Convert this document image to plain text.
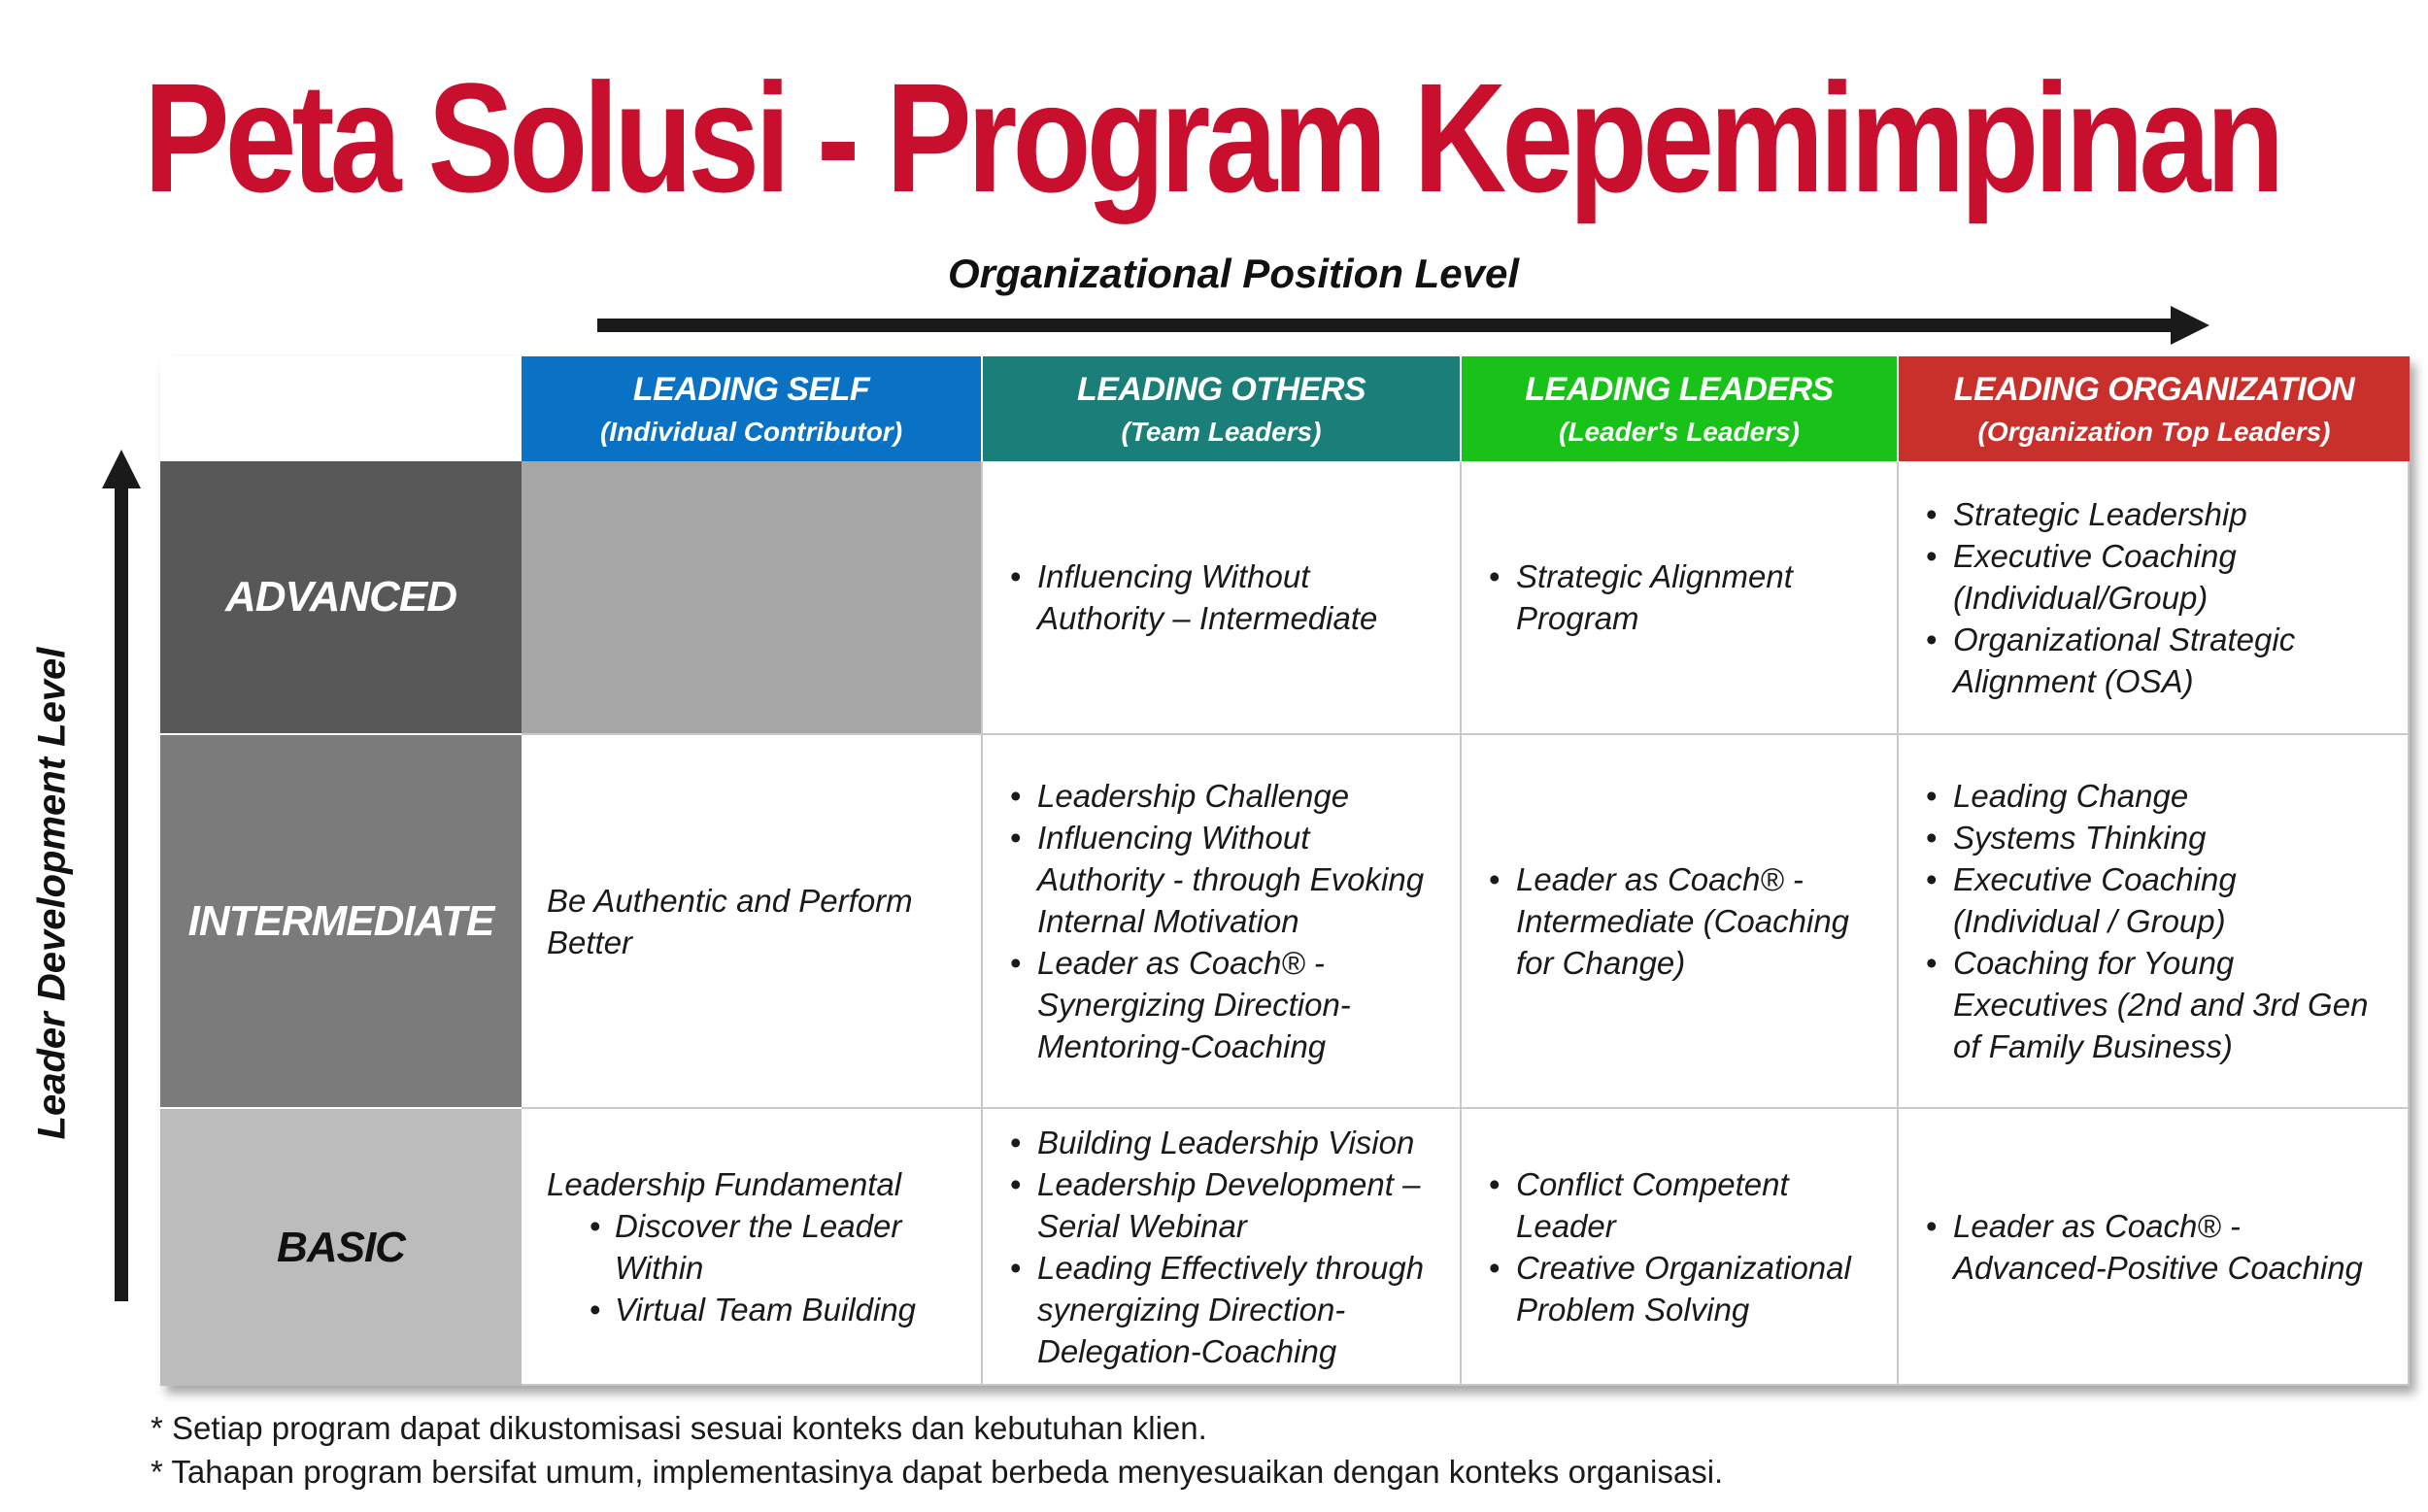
Peta Solusi - Program Kepemimpinan
Organizational Position Level
Leader Development Level
LEADING SELF
(Individual Contributor)
LEADING OTHERS
(Team Leaders)
LEADING LEADERS
(Leader's Leaders)
LEADING ORGANIZATION
(Organization Top Leaders)
ADVANCED
•	Influencing Without Authority – Intermediate
• Strategic Alignment Program
• Strategic Leadership
• Executive Coaching (Individual/Group)
• Organizational Strategic Alignment (OSA)
INTERMEDIATE	Be Authentic and Perform Better
• Leadership Challenge
• Influencing Without Authority - through Evoking Internal Motivation
• Leader as Coach® - Synergizing Direction-Mentoring-Coaching
• Leader as Coach® - Intermediate (Coaching for Change)
• Leading Change
• Systems Thinking
• Executive Coaching (Individual / Group)
• Coaching for Young Executives (2nd and 3rd Gen of Family Business)
BASIC
Leadership Fundamental
• Discover the Leader Within
• Virtual Team Building
• Building Leadership Vision
• Leadership Development – Serial Webinar
• Leading Effectively through synergizing Direction-Delegation-Coaching
• Conflict Competent Leader
• Creative Organizational Problem Solving
• Leader as Coach® - Advanced-Positive Coaching
* Setiap program dapat dikustomisasi sesuai konteks dan kebutuhan klien.
* Tahapan program bersifat umum, implementasinya dapat berbeda menyesuaikan dengan konteks organisasi.
